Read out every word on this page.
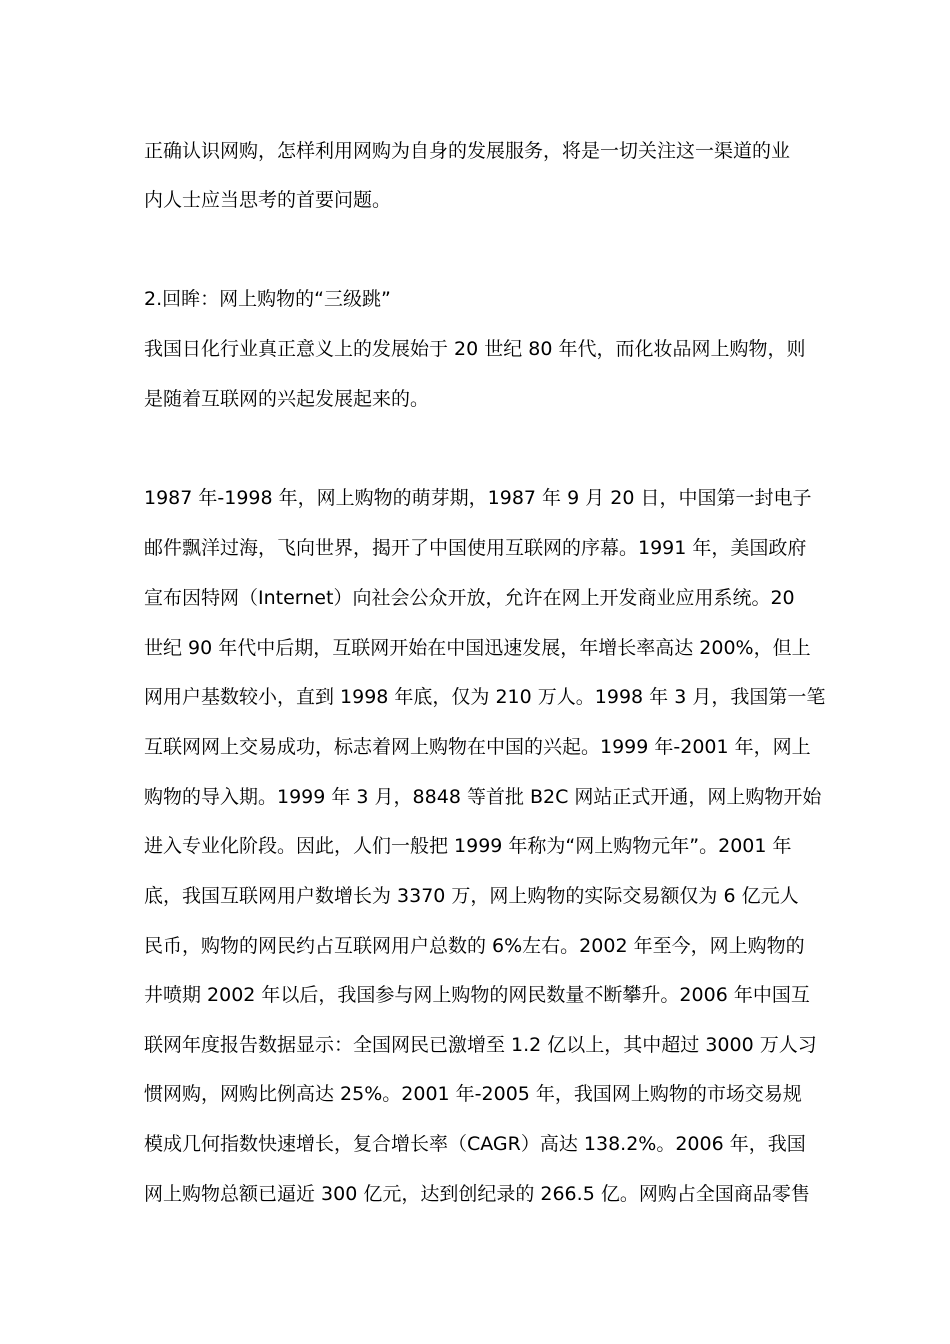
正确认识网购，怎样利用网购为自身的发展服务，将是一切关注这一渠道的业
内人士应当思考的首要问题。
2.回眸：网上购物的“三级跳”
我国日化行业真正意义上的发展始于 20 世纪 80 年代，而化妆品网上购物，则
是随着互联网的兴起发展起来的。
1987 年-1998 年，网上购物的萌芽期，1987 年 9 月 20 日，中国第一封电子
邮件飘洋过海，飞向世界，揭开了中国使用互联网的序幕。1991 年，美国政府
宣布因特网（Internet）向社会公众开放，允许在网上开发商业应用系统。20
世纪 90 年代中后期，互联网开始在中国迅速发展，年增长率高达 200%，但上
网用户基数较小，直到 1998 年底，仅为 210 万人。1998 年 3 月，我国第一笔
互联网网上交易成功，标志着网上购物在中国的兴起。1999 年-2001 年，网上
购物的导入期。1999 年 3 月，8848 等首批 B2C 网站正式开通，网上购物开始
进入专业化阶段。因此，人们一般把 1999 年称为“网上购物元年”。2001 年
底，我国互联网用户数增长为 3370 万，网上购物的实际交易额仅为 6 亿元人
民币，购物的网民约占互联网用户总数的 6%左右。2002 年至今，网上购物的
井喷期 2002 年以后，我国参与网上购物的网民数量不断攀升。2006 年中国互
联网年度报告数据显示：全国网民已激增至 1.2 亿以上，其中超过 3000 万人习
惯网购，网购比例高达 25%。2001 年-2005 年，我国网上购物的市场交易规
模成几何指数快速增长，复合增长率（CAGR）高达 138.2%。2006 年，我国
网上购物总额已逼近 300 亿元，达到创纪录的 266.5 亿。网购占全国商品零售
